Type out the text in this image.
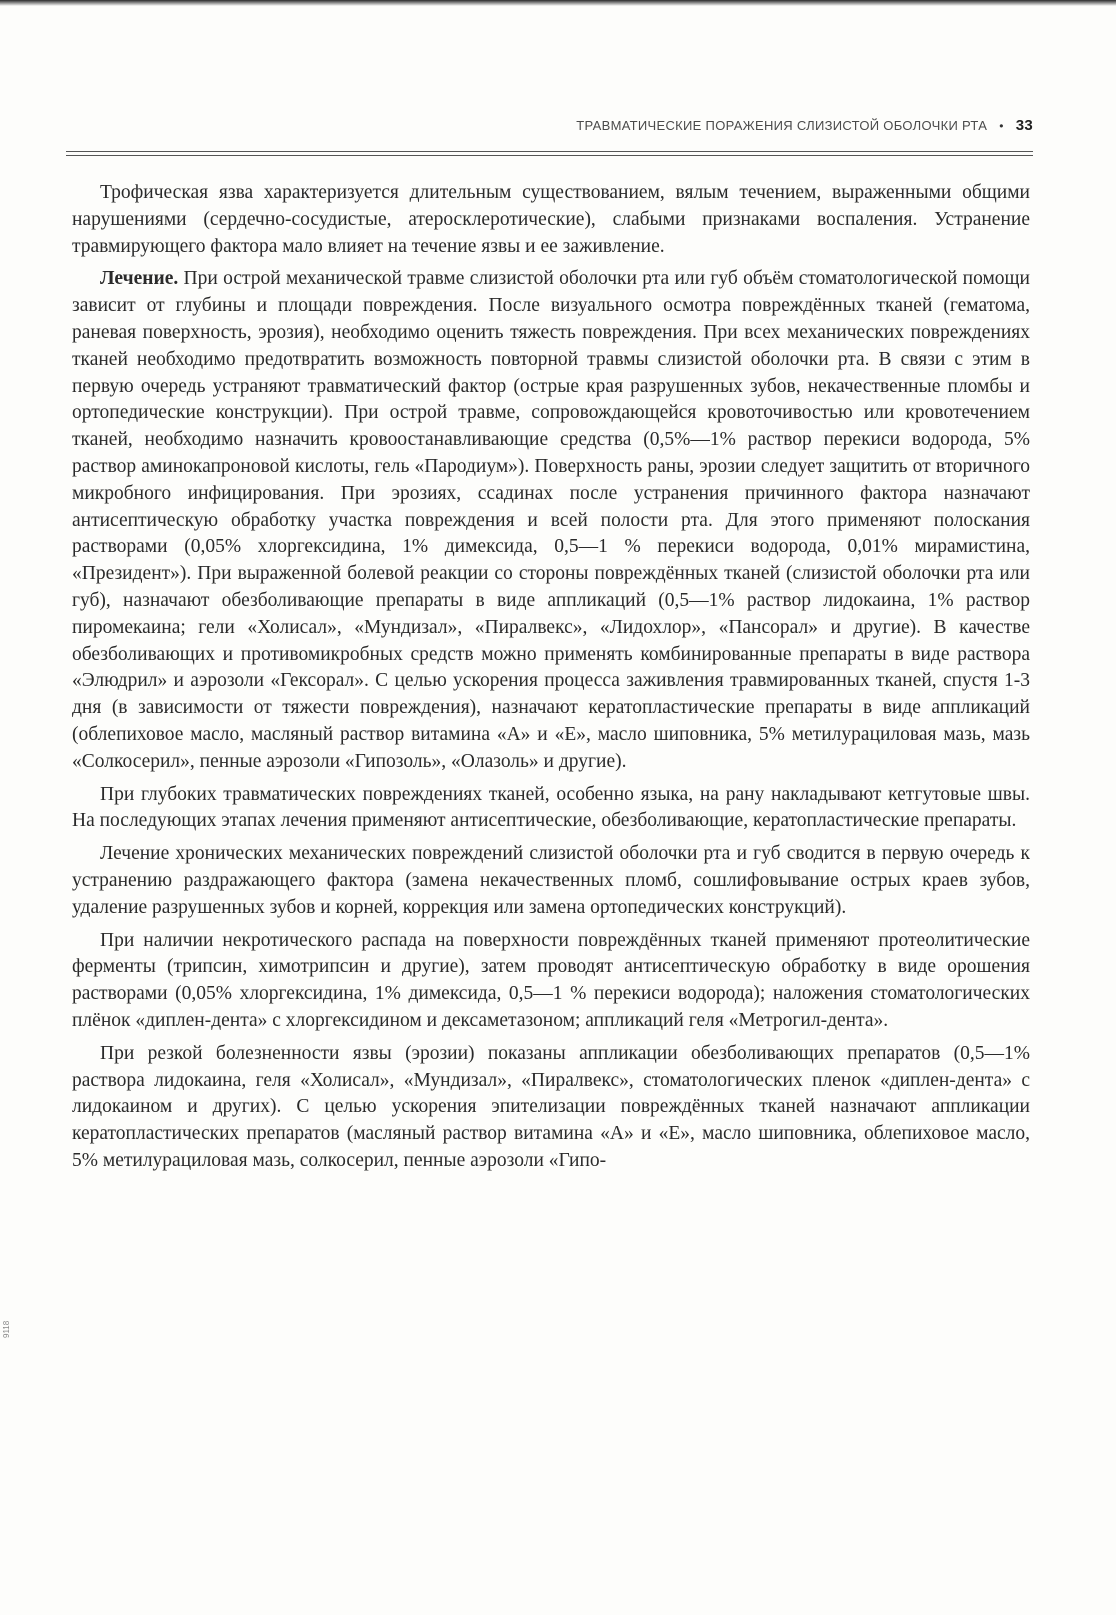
ТРАВМАТИЧЕСКИЕ ПОРАЖЕНИЯ СЛИЗИСТОЙ ОБОЛОЧКИ РТА • 33

Трофическая язва характеризуется длительным существованием, вялым течением, выраженными общими нарушениями (сердечно-сосудистые, атеросклеротические), слабыми признаками воспаления. Устранение травмирующего фактора мало влияет на течение язвы и ее заживление.

Лечение. При острой механической травме слизистой оболочки рта или губ объём стоматологической помощи зависит от глубины и площади повреждения. После визуального осмотра повреждённых тканей (гематома, раневая поверхность, эрозия), необходимо оценить тяжесть повреждения. При всех механических повреждениях тканей необходимо предотвратить возможность повторной травмы слизистой оболочки рта. В связи с этим в первую очередь устраняют травматический фактор (острые края разрушенных зубов, некачественные пломбы и ортопедические конструкции). При острой травме, сопровождающейся кровоточивостью или кровотечением тканей, необходимо назначить кровоостанавливающие средства (0,5%—1% раствор перекиси водорода, 5% раствор аминокапроновой кислоты, гель «Пародиум»). Поверхность раны, эрозии следует защитить от вторичного микробного инфицирования. При эрозиях, ссадинах после устранения причинного фактора назначают антисептическую обработку участка повреждения и всей полости рта. Для этого применяют полоскания растворами (0,05% хлоргексидина, 1% димексида, 0,5—1 % перекиси водорода, 0,01% мирамистина, «Президент»). При выраженной болевой реакции со стороны повреждённых тканей (слизистой оболочки рта или губ), назначают обезболивающие препараты в виде аппликаций (0,5—1% раствор лидокаина, 1% раствор пиромекаина; гели «Холисал», «Мундизал», «Пиралвекс», «Лидохлор», «Пансорал» и другие). В качестве обезболивающих и противомикробных средств можно применять комбинированные препараты в виде раствора «Элюдрил» и аэрозоли «Гексорал». С целью ускорения процесса заживления травмированных тканей, спустя 1-3 дня (в зависимости от тяжести повреждения), назначают кератопластические препараты в виде аппликаций (облепиховое масло, масляный раствор витамина «А» и «Е», масло шиповника, 5% метилурациловая мазь, мазь «Солкосерил», пенные аэрозоли «Гипозоль», «Олазоль» и другие).

При глубоких травматических повреждениях тканей, особенно языка, на рану накладывают кетгутовые швы. На последующих этапах лечения применяют антисептические, обезболивающие, кератопластические препараты.

Лечение хронических механических повреждений слизистой оболочки рта и губ сводится в первую очередь к устранению раздражающего фактора (замена некачественных пломб, сошлифовывание острых краев зубов, удаление разрушенных зубов и корней, коррекция или замена ортопедических конструкций).

При наличии некротического распада на поверхности повреждённых тканей применяют протеолитические ферменты (трипсин, химотрипсин и другие), затем проводят антисептическую обработку в виде орошения растворами (0,05% хлоргексидина, 1% димексида, 0,5—1 % перекиси водорода); наложения стоматологических плёнок «диплен-дента» с хлоргексидином и дексаметазоном; аппликаций геля «Метрогил-дента».

При резкой болезненности язвы (эрозии) показаны аппликации обезболивающих препаратов (0,5—1% раствора лидокаина, геля «Холисал», «Мундизал», «Пиралвекс», стоматологических пленок «диплен-дента» с лидокаином и других). С целью ускорения эпителизации повреждённых тканей назначают аппликации кератопластических препаратов (масляный раствор витамина «А» и «Е», масло шиповника, облепиховое масло, 5% метилурациловая мазь, солкосерил, пенные аэрозоли «Гипо-

9118
